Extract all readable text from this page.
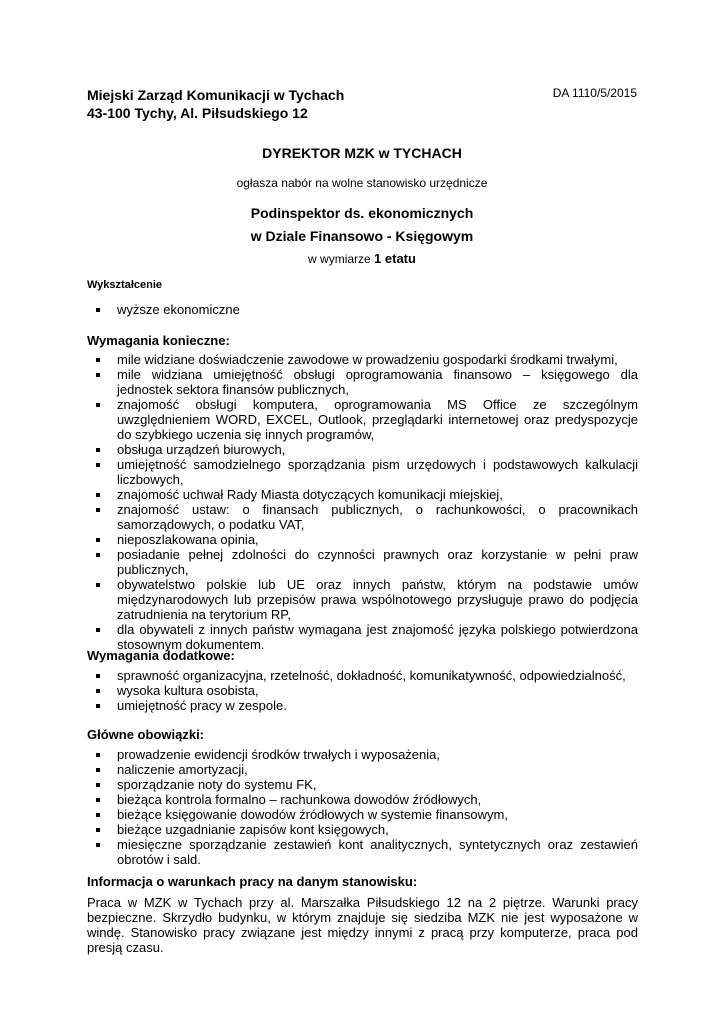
Miejski Zarząd Komunikacji w Tychach
43-100 Tychy, Al. Piłsudskiego 12
DA 1110/5/2015
DYREKTOR MZK w TYCHACH
ogłasza nabór na wolne stanowisko urzędnicze
Podinspektor ds. ekonomicznych
w Dziale Finansowo - Księgowym
w wymiarze 1 etatu
Wykształcenie
wyższe ekonomiczne
Wymagania konieczne:
mile widziane doświadczenie zawodowe w prowadzeniu gospodarki środkami trwałymi,
mile widziana umiejętność obsługi oprogramowania finansowo – księgowego dla jednostek sektora finansów publicznych,
znajomość obsługi komputera, oprogramowania MS Office ze szczególnym uwzględnieniem WORD, EXCEL, Outlook, przeglądarki internetowej oraz predyspozycje do szybkiego uczenia się innych programów,
obsługa urządzeń biurowych,
umiejętność samodzielnego sporządzania pism urzędowych i podstawowych kalkulacji liczbowych,
znajomość uchwał Rady Miasta dotyczących komunikacji miejskiej,
znajomość ustaw: o finansach publicznych, o rachunkowości, o pracownikach samorządowych, o podatku VAT,
nieposzlakowana opinia,
posiadanie pełnej zdolności do czynności prawnych oraz korzystanie w pełni praw publicznych,
obywatelstwo polskie lub UE oraz innych państw, którym na podstawie umów międzynarodowych lub przepisów prawa wspólnotowego przysługuje prawo do podjęcia zatrudnienia na terytorium RP,
dla obywateli z innych państw wymagana jest znajomość języka polskiego potwierdzona stosownym dokumentem.
Wymagania dodatkowe:
sprawność organizacyjna, rzetelność, dokładność, komunikatywność, odpowiedzialność,
wysoka kultura osobista,
umiejętność pracy w zespole.
Główne obowiązki:
prowadzenie ewidencji środków trwałych i wyposażenia,
naliczenie amortyzacji,
sporządzanie noty do systemu FK,
bieżąca kontrola formalno – rachunkowa dowodów źródłowych,
bieżące księgowanie dowodów źródłowych w systemie finansowym,
bieżące uzgadnianie zapisów kont księgowych,
miesięczne sporządzanie zestawień kont analitycznych, syntetycznych oraz zestawień obrotów i sald.
Informacja o warunkach pracy na danym stanowisku:
Praca w MZK w Tychach przy al. Marszałka Piłsudskiego 12 na 2 piętrze. Warunki pracy bezpieczne. Skrzydło budynku, w którym znajduje się siedziba MZK nie jest wyposażone w windę. Stanowisko pracy związane jest między innymi z pracą przy komputerze, praca pod presją czasu.
